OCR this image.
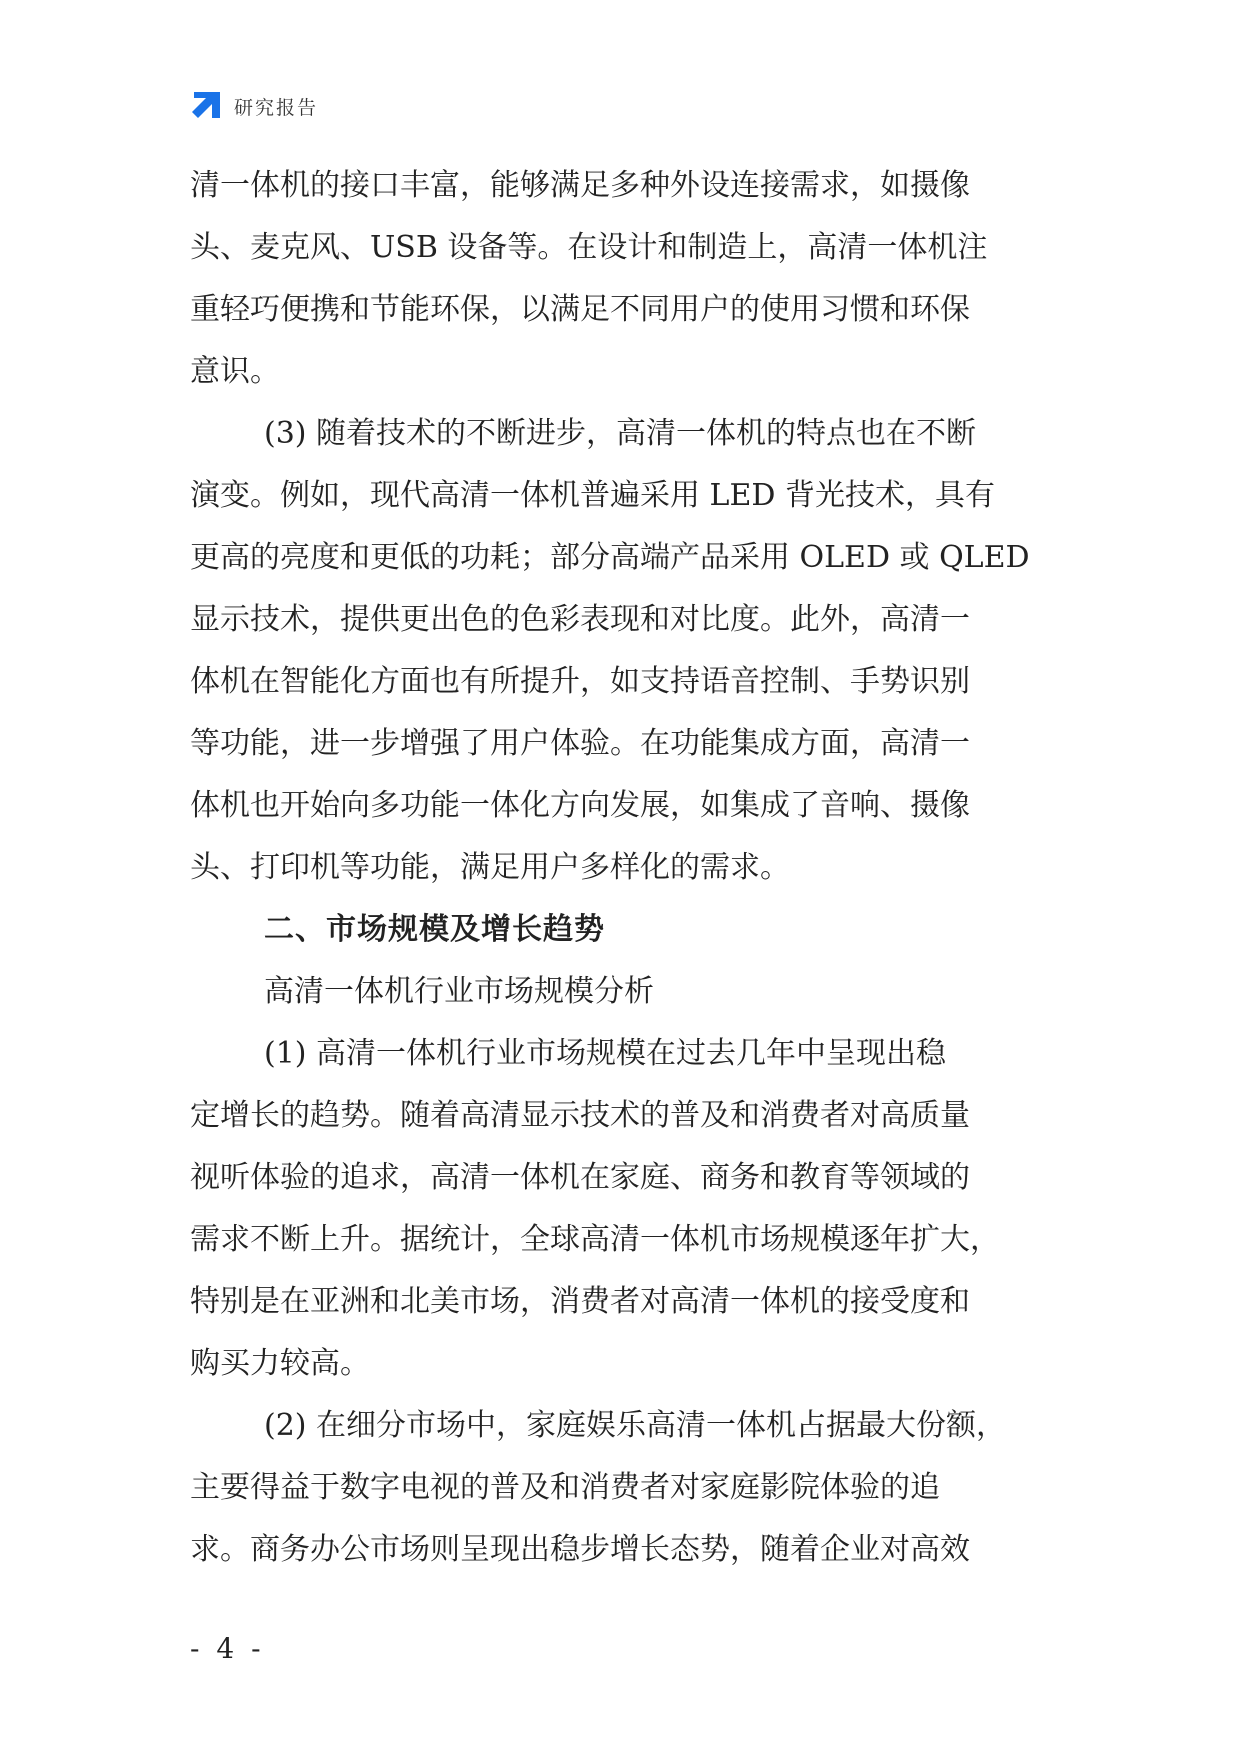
研究报告
清一体机的接口丰富，能够满足多种外设连接需求，如摄像
头、麦克风、USB 设备等。在设计和制造上，高清一体机注
重轻巧便携和节能环保，以满足不同用户的使用习惯和环保
意识。
(3) 随着技术的不断进步，高清一体机的特点也在不断
演变。例如，现代高清一体机普遍采用 LED 背光技术，具有
更高的亮度和更低的功耗；部分高端产品采用 OLED 或 QLED
显示技术，提供更出色的色彩表现和对比度。此外，高清一
体机在智能化方面也有所提升，如支持语音控制、手势识别
等功能，进一步增强了用户体验。在功能集成方面，高清一
体机也开始向多功能一体化方向发展，如集成了音响、摄像
头、打印机等功能，满足用户多样化的需求。
二、市场规模及增长趋势
高清一体机行业市场规模分析
(1) 高清一体机行业市场规模在过去几年中呈现出稳
定增长的趋势。随着高清显示技术的普及和消费者对高质量
视听体验的追求，高清一体机在家庭、商务和教育等领域的
需求不断上升。据统计，全球高清一体机市场规模逐年扩大，
特别是在亚洲和北美市场，消费者对高清一体机的接受度和
购买力较高。
(2) 在细分市场中，家庭娱乐高清一体机占据最大份额，
主要得益于数字电视的普及和消费者对家庭影院体验的追
求。商务办公市场则呈现出稳步增长态势，随着企业对高效
- 4 -
